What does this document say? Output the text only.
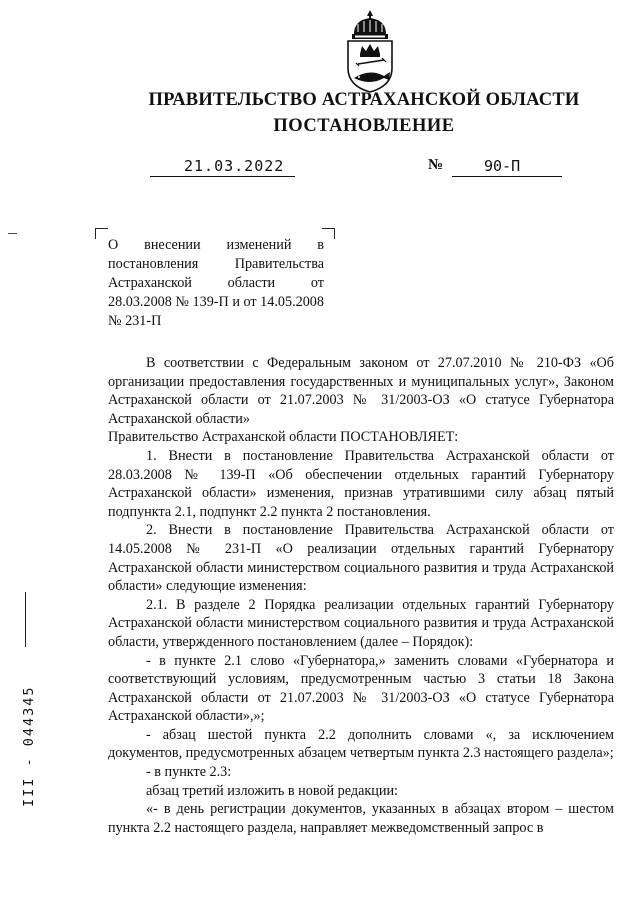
ПРАВИТЕЛЬСТВО АСТРАХАНСКОЙ ОБЛАСТИ
ПОСТАНОВЛЕНИЕ
21.03.2022	№	90-П
О внесении изменений в постановления Правительства Астраханской области от 28.03.2008 № 139-П и от 14.05.2008 № 231-П

В соответствии с Федеральным законом от 27.07.2010 № 210-ФЗ «Об организации предоставления государственных и муниципальных услуг», Законом Астраханской области от 21.07.2003 № 31/2003-ОЗ «О статусе Губернатора Астраханской области»

Правительство Астраханской области ПОСТАНОВЛЯЕТ:

1. Внести в постановление Правительства Астраханской области от 28.03.2008 № 139-П «Об обеспечении отдельных гарантий Губернатору Астраханской области» изменения, признав утратившими силу абзац пятый подпункта 2.1, подпункт 2.2 пункта 2 постановления.

2. Внести в постановление Правительства Астраханской области от 14.05.2008 № 231-П «О реализации отдельных гарантий Губернатору Астраханской области министерством социального развития и труда Астраханской области» следующие изменения:

2.1. В разделе 2 Порядка реализации отдельных гарантий Губернатору Астраханской области министерством социального развития и труда Астраханской области, утвержденного постановлением (далее – Порядок):

- в пункте 2.1 слово «Губернатора,» заменить словами «Губернатора и соответствующий условиям, предусмотренным частью 3 статьи 18 Закона Астраханской области от 21.07.2003 № 31/2003-ОЗ «О статусе Губернатора Астраханской области»,»;

- абзац шестой пункта 2.2 дополнить словами «, за исключением документов, предусмотренных абзацем четвертым пункта 2.3 настоящего раздела»;

- в пункте 2.3:

абзац третий изложить в новой редакции:

«- в день регистрации документов, указанных в абзацах втором – шестом пункта 2.2 настоящего раздела, направляет межведомственный запрос в

III - 044345
